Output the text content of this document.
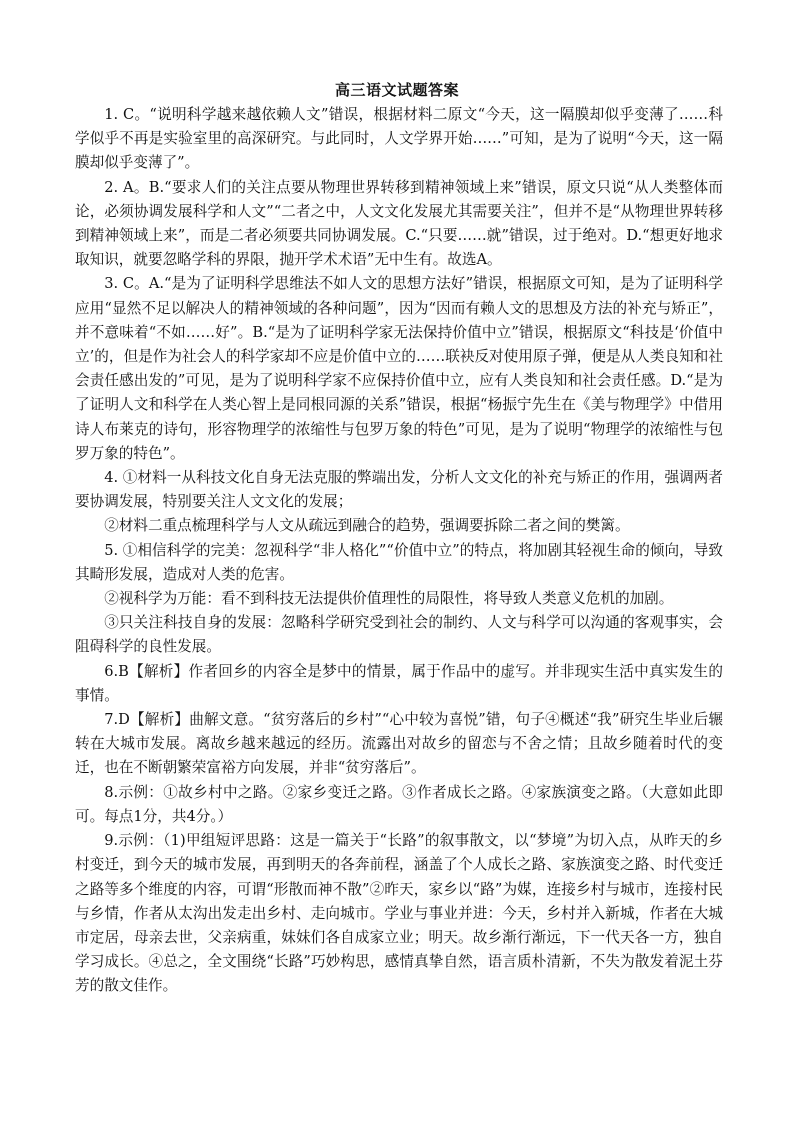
高三语文试题答案

1. C。“说明科学越来越依赖人文”错误，根据材料二原文“今天，这一隔膜却似乎变薄了……科学似乎不再是实验室里的高深研究。与此同时，人文学界开始……”可知，是为了说明“今天，这一隔膜却似乎变薄了”。

2. A。B.“要求人们的关注点要从物理世界转移到精神领域上来”错误，原文只说“从人类整体而论，必须协调发展科学和人文”“二者之中，人文文化发展尤其需要关注”，但并不是“从物理世界转移到精神领域上来”，而是二者必须要共同协调发展。C.“只要……就”错误，过于绝对。D.“想更好地求取知识，就要忽略学科的界限，抛开学术术语”无中生有。故选A。

3. C。A.“是为了证明科学思维法不如人文的思想方法好”错误，根据原文可知，是为了证明科学应用“显然不足以解决人的精神领域的各种问题”，因为“因而有赖人文的思想及方法的补充与矫正”，并不意味着“不如……好”。B.“是为了证明科学家无法保持价值中立”错误，根据原文“科技是‘价值中立’的，但是作为社会人的科学家却不应是价值中立的……联袂反对使用原子弹，便是从人类良知和社会责任感出发的”可见，是为了说明科学家不应保持价值中立，应有人类良知和社会责任感。D.“是为了证明人文和科学在人类心智上是同根同源的关系”错误，根据“杨振宁先生在《美与物理学》中借用诗人布莱克的诗句，形容物理学的浓缩性与包罗万象的特色”可见，是为了说明“物理学的浓缩性与包罗万象的特色”。

4. ①材料一从科技文化自身无法克服的弊端出发，分析人文文化的补充与矫正的作用，强调两者要协调发展，特别要关注人文文化的发展；

②材料二重点梳理科学与人文从疏远到融合的趋势，强调要拆除二者之间的樊篱。

5. ①相信科学的完美：忽视科学“非人格化”“价值中立”的特点，将加剧其轻视生命的倾向，导致其畸形发展，造成对人类的危害。

②视科学为万能：看不到科技无法提供价值理性的局限性，将导致人类意义危机的加剧。

③只关注科技自身的发展：忽略科学研究受到社会的制约、人文与科学可以沟通的客观事实，会阻碍科学的良性发展。

6.B【解析】作者回乡的内容全是梦中的情景，属于作品中的虚写。并非现实生活中真实发生的事情。

7.D【解析】曲解文意。“贫穷落后的乡村”“心中较为喜悦”错，句子④概述“我”研究生毕业后辗转在大城市发展。离故乡越来越远的经历。流露出对故乡的留恋与不舍之情；且故乡随着时代的变迁，也在不断朝繁荣富裕方向发展，并非“贫穷落后”。

8.示例：①故乡村中之路。②家乡变迁之路。③作者成长之路。④家族演变之路。（大意如此即可。每点1分，共4分。）

9.示例：（1)甲组短评思路：这是一篇关于“长路”的叙事散文，以“梦境”为切入点，从昨天的乡村变迁，到今天的城市发展，再到明天的各奔前程，涵盖了个人成长之路、家族演变之路、时代变迁之路等多个维度的内容，可谓“形散而神不散”②昨天，家乡以“路”为媒，连接乡村与城市，连接村民与乡情，作者从太沟出发走出乡村、走向城市。学业与事业并进：今天，乡村并入新城，作者在大城市定居，母亲去世，父亲病重，妹妹们各自成家立业；明天。故乡渐行渐远，下一代天各一方，独自学习成长。④总之，全文围绕“长路”巧妙构思，感情真挚自然，语言质朴清新，不失为散发着泥土芬芳的散文佳作。
